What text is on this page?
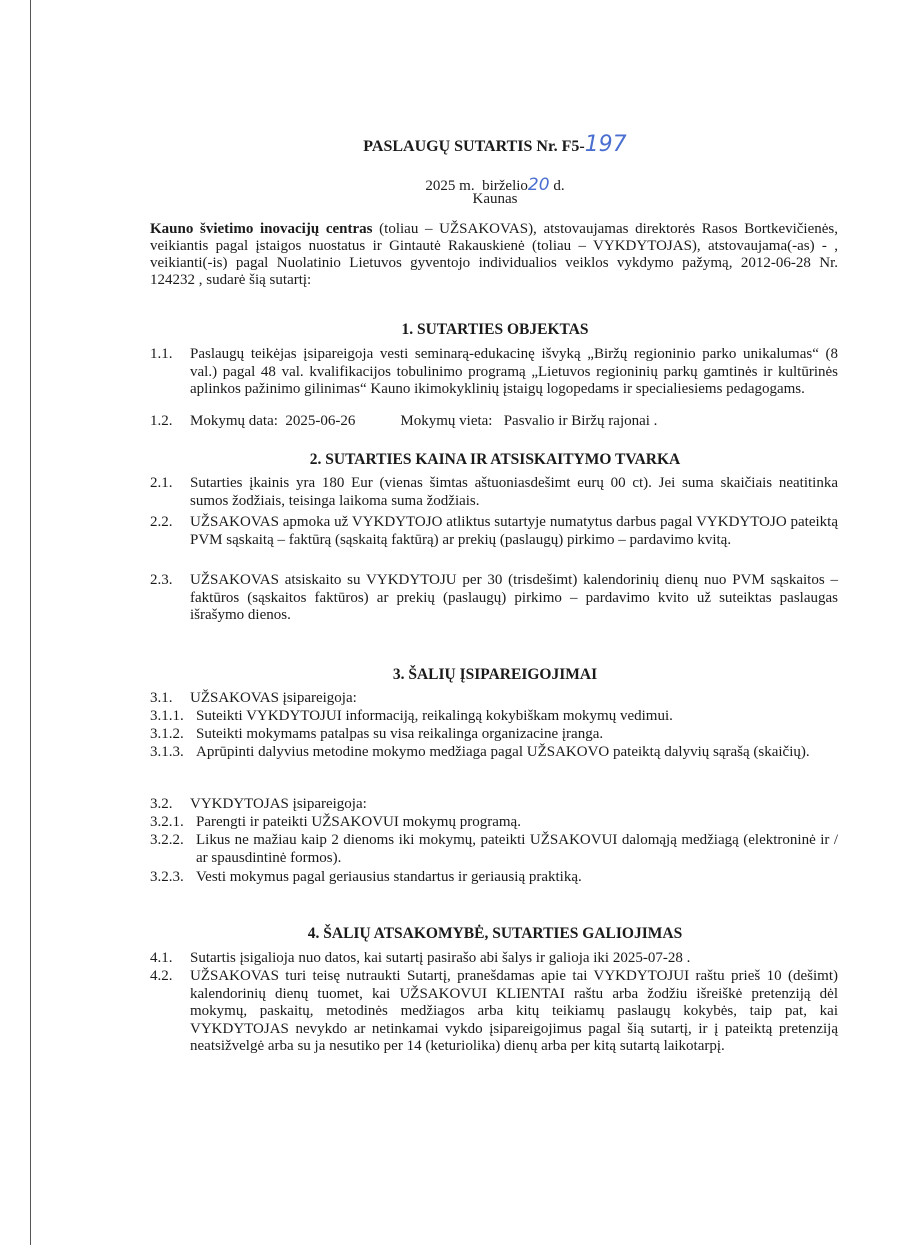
PASLAUGŲ SUTARTIS Nr. F5-197
2025 m. birželio20 d.
Kaunas
Kauno švietimo inovacijų centras (toliau – UŽSAKOVAS), atstovaujamas direktorės Rasos Bortkevičienės, veikiantis pagal įstaigos nuostatus ir Gintautė Rakauskienė (toliau – VYKDYTOJAS), atstovaujama(-as) - , veikianti(-is) pagal Nuolatinio Lietuvos gyventojo individualios veiklos vykdymo pažymą, 2012-06-28 Nr. 124232 , sudarė šią sutartį:
1. SUTARTIES OBJEKTAS
1.1.	Paslaugų teikėjas įsipareigoja vesti seminarą-edukacinę išvyką „Biržų regioninio parko unikalumas“ (8 val.) pagal 48 val. kvalifikacijos tobulinimo programą „Lietuvos regioninių parkų gamtinės ir kultūrinės aplinkos pažinimo gilinimas“ Kauno ikimokyklinių įstaigų logopedams ir specialiesiems pedagogams.
1.2.	Mokymų data:  2025-06-26            Mokymų vieta:   Pasvalio ir Biržų rajonai .
2. SUTARTIES KAINA IR ATSISKAITYMO TVARKA
2.1.	Sutarties įkainis yra 180 Eur (vienas šimtas aštuoniasdešimt eurų 00 ct). Jei suma skaičiais neatitinka sumos žodžiais, teisinga laikoma suma žodžiais.
2.2.	UŽSAKOVAS apmoka už VYKDYTOJO atliktus sutartyje numatytus darbus pagal VYKDYTOJO pateiktą PVM sąskaitą – faktūrą (sąskaitą faktūrą) ar prekių (paslaugų) pirkimo – pardavimo kvitą.
2.3.	UŽSAKOVAS atsiskaito su VYKDYTOJU per 30 (trisdešimt) kalendorinių dienų nuo PVM sąskaitos – faktūros (sąskaitos faktūros) ar prekių (paslaugų) pirkimo – pardavimo kvito už suteiktas paslaugas išrašymo dienos.
3. ŠALIŲ ĮSIPAREIGOJIMAI
3.1.	UŽSAKOVAS įsipareigoja:
3.1.1. Suteikti VYKDYTOJUI informaciją, reikalingą kokybiškam mokymų vedimui.
3.1.2. Suteikti mokymams patalpas su visa reikalinga organizacine įranga.
3.1.3. Aprūpinti dalyvius metodine mokymo medžiaga pagal UŽSAKOVO pateiktą dalyvių sąrašą (skaičių).
3.2.	VYKDYTOJAS įsipareigoja:
3.2.1. Parengti ir pateikti UŽSAKOVUI mokymų programą.
3.2.2. Likus ne mažiau kaip 2 dienoms iki mokymų, pateikti UŽSAKOVUI dalomąją medžiagą (elektroninė ir / ar spausdintinė formos).
3.2.3. Vesti mokymus pagal geriausius standartus ir geriausią praktiką.
4. ŠALIŲ ATSAKOMYBĖ, SUTARTIES GALIOJIMAS
4.1.	Sutartis įsigalioja nuo datos, kai sutartį pasirašo abi šalys ir galioja iki 2025-07-28 .
4.2.	UŽSAKOVAS turi teisę nutraukti Sutartį, pranešdamas apie tai VYKDYTOJUI raštu prieš 10 (dešimt) kalendorinių dienų tuomet, kai UŽSAKOVUI KLIENTAI raštu arba žodžiu išreiškė pretenziją dėl mokymų, paskaitų, metodinės medžiagos arba kitų teikiamų paslaugų kokybės, taip pat, kai VYKDYTOJAS nevykdo ar netinkamai vykdo įsipareigojimus pagal šią sutartį, ir į pateiktą pretenziją neatsižvelgė arba su ja nesutiko per 14 (keturiolika) dienų arba per kitą sutartą laikotarpį.
